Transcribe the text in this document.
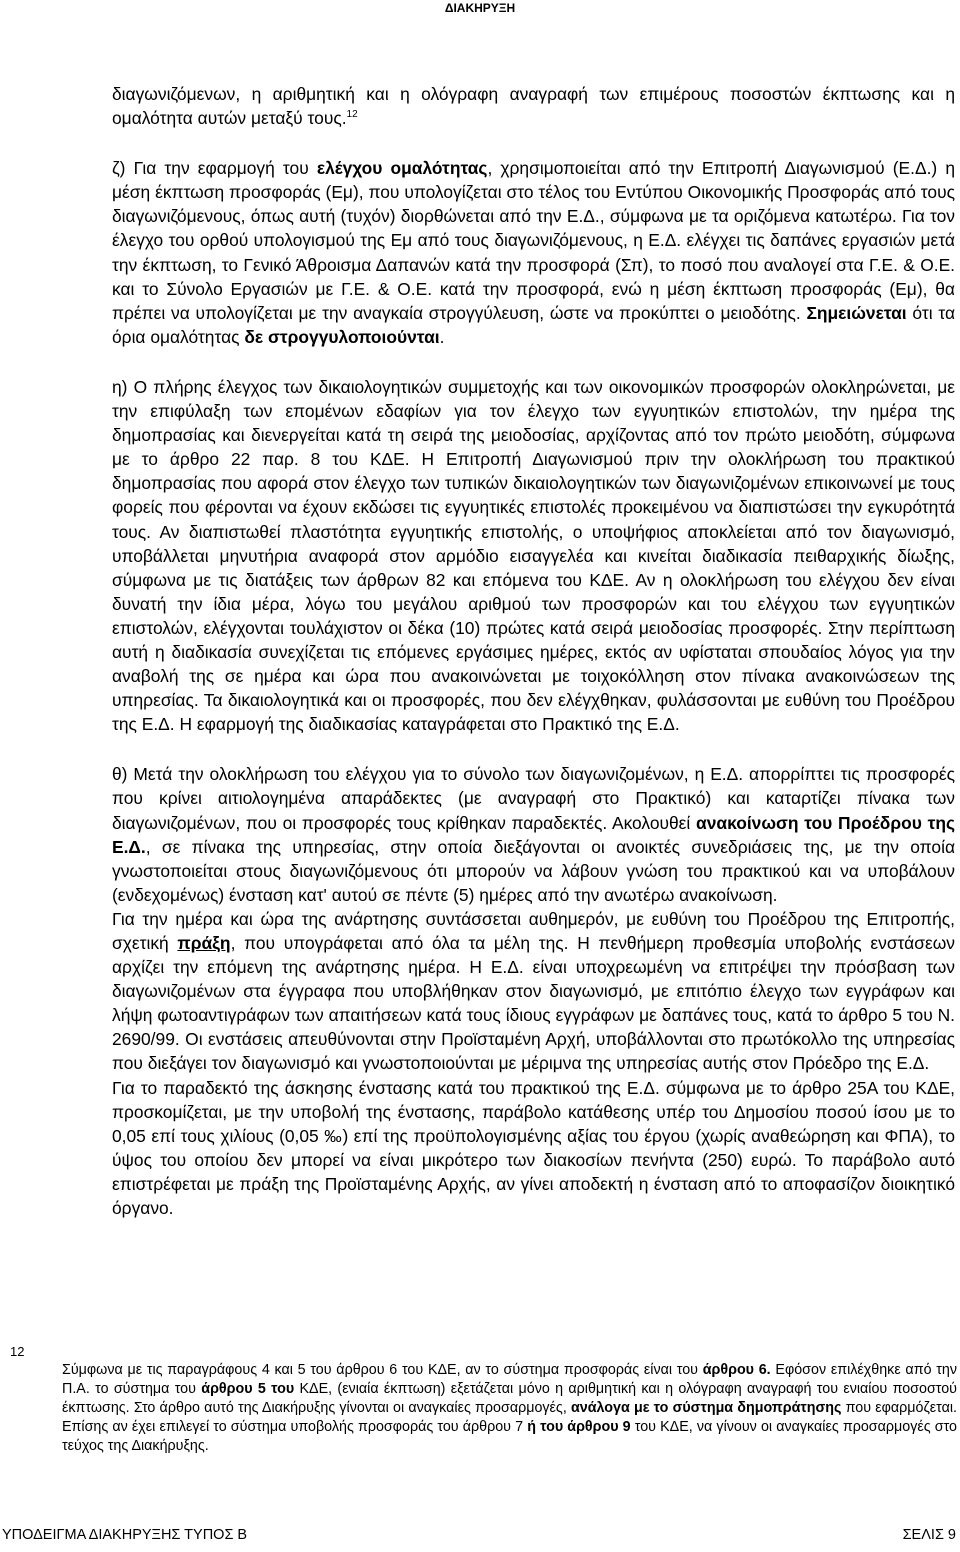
ΔΙΑΚΗΡΥΞΗ

διαγωνιζόμενων, η αριθμητική και η ολόγραφη αναγραφή των επιμέρους ποσοστών έκπτωσης και η ομαλότητα αυτών μεταξύ τους.$^{12}$

ζ) Για την εφαρμογή του ελέγχου ομαλότητας, χρησιμοποιείται από την Επιτροπή Διαγωνισμού (Ε.Δ.) η μέση έκπτωση προσφοράς (Εμ), που υπολογίζεται στο τέλος του Εντύπου Οικονομικής Προσφοράς από τους διαγωνιζόμενους, όπως αυτή (τυχόν) διορθώνεται από την Ε.Δ., σύμφωνα με τα οριζόμενα κατωτέρω. Για τον έλεγχο του ορθού υπολογισμού της Εμ από τους διαγωνιζόμενους, η Ε.Δ. ελέγχει τις δαπάνες εργασιών μετά την έκπτωση, το Γενικό Άθροισμα Δαπανών κατά την προσφορά (Σπ), το ποσό που αναλογεί στα Γ.Ε. & Ο.Ε. και το Σύνολο Εργασιών με Γ.Ε. & Ο.Ε. κατά την προσφορά, ενώ η μέση έκπτωση προσφοράς (Εμ), θα πρέπει να υπολογίζεται με την αναγκαία στρογγύλευση, ώστε να προκύπτει ο μειοδότης. Σημειώνεται ότι τα όρια ομαλότητας δε στρογγυλοποιούνται.

η) Ο πλήρης έλεγχος των δικαιολογητικών συμμετοχής και των οικονομικών προσφορών ολοκληρώνεται, με την επιφύλαξη των επομένων εδαφίων για τον έλεγχο των εγγυητικών επιστολών, την ημέρα της δημοπρασίας και διενεργείται κατά τη σειρά της μειοδοσίας, αρχίζοντας από τον πρώτο μειοδότη, σύμφωνα με το άρθρο 22 παρ. 8 του ΚΔΕ. Η Επιτροπή Διαγωνισμού πριν την ολοκλήρωση του πρακτικού δημοπρασίας που αφορά στον έλεγχο των τυπικών δικαιολογητικών των διαγωνιζομένων επικοινωνεί με τους φορείς που φέρονται να έχουν εκδώσει τις εγγυητικές επιστολές προκειμένου να διαπιστώσει την εγκυρότητά τους. Αν διαπιστωθεί πλαστότητα εγγυητικής επιστολής, ο υποψήφιος αποκλείεται από τον διαγωνισμό, υποβάλλεται μηνυτήρια αναφορά στον αρμόδιο εισαγγελέα και κινείται διαδικασία πειθαρχικής δίωξης, σύμφωνα με τις διατάξεις των άρθρων 82 και επόμενα του ΚΔΕ. Αν η ολοκλήρωση του ελέγχου δεν είναι δυνατή την ίδια μέρα, λόγω του μεγάλου αριθμού των προσφορών και του ελέγχου των εγγυητικών επιστολών, ελέγχονται τουλάχιστον οι δέκα (10) πρώτες κατά σειρά μειοδοσίας προσφορές. Στην περίπτωση αυτή η διαδικασία συνεχίζεται τις επόμενες εργάσιμες ημέρες, εκτός αν υφίσταται σπουδαίος λόγος για την αναβολή της σε ημέρα και ώρα που ανακοινώνεται με τοιχοκόλληση στον πίνακα ανακοινώσεων της υπηρεσίας. Τα δικαιολογητικά και οι προσφορές, που δεν ελέγχθηκαν, φυλάσσονται με ευθύνη του Προέδρου της Ε.Δ. Η εφαρμογή της διαδικασίας καταγράφεται στο Πρακτικό της Ε.Δ.

θ) Μετά την ολοκλήρωση του ελέγχου για το σύνολο των διαγωνιζομένων, η Ε.Δ. απορρίπτει τις προσφορές που κρίνει αιτιολογημένα απαράδεκτες (με αναγραφή στο Πρακτικό) και καταρτίζει πίνακα των διαγωνιζομένων, που οι προσφορές τους κρίθηκαν παραδεκτές. Ακολουθεί ανακοίνωση του Προέδρου της Ε.Δ., σε πίνακα της υπηρεσίας, στην οποία διεξάγονται οι ανοικτές συνεδριάσεις της, με την οποία γνωστοποιείται στους διαγωνιζόμενους ότι μπορούν να λάβουν γνώση του πρακτικού και να υποβάλουν (ενδεχομένως) ένσταση κατ' αυτού σε πέντε (5) ημέρες από την ανωτέρω ανακοίνωση.

Για την ημέρα και ώρα της ανάρτησης συντάσσεται αυθημερόν, με ευθύνη του Προέδρου της Επιτροπής, σχετική πράξη, που υπογράφεται από όλα τα μέλη της. Η πενθήμερη προθεσμία υποβολής ενστάσεων αρχίζει την επόμενη της ανάρτησης ημέρα. Η Ε.Δ. είναι υποχρεωμένη να επιτρέψει την πρόσβαση των διαγωνιζομένων στα έγγραφα που υποβλήθηκαν στον διαγωνισμό, με επιτόπιο έλεγχο των εγγράφων και λήψη φωτοαντιγράφων των απαιτήσεων κατά τους ίδιους εγγράφων με δαπάνες τους, κατά το άρθρο 5 του Ν. 2690/99. Οι ενστάσεις απευθύνονται στην Προϊσταμένη Αρχή, υποβάλλονται στο πρωτόκολλο της υπηρεσίας που διεξάγει τον διαγωνισμό και γνωστοποιούνται με μέριμνα της υπηρεσίας αυτής στον Πρόεδρο της Ε.Δ.

Για το παραδεκτό της άσκησης ένστασης κατά του πρακτικού της Ε.Δ. σύμφωνα με το άρθρο 25Α του ΚΔΕ, προσκομίζεται, με την υποβολή της ένστασης, παράβολο κατάθεσης υπέρ του Δημοσίου ποσού ίσου με το 0,05 επί τους χιλίους (0,05 ‰) επί της προϋπολογισμένης αξίας του έργου (χωρίς αναθεώρηση και ΦΠΑ), το ύψος του οποίου δεν μπορεί να είναι μικρότερο των διακοσίων πενήντα (250) ευρώ. Το παράβολο αυτό επιστρέφεται με πράξη της Προϊσταμένης Αρχής, αν γίνει αποδεκτή η ένσταση από το αποφασίζον διοικητικό όργανο.

12
Σύμφωνα με τις παραγράφους 4 και 5 του άρθρου 6 του ΚΔΕ, αν το σύστημα προσφοράς είναι του άρθρου 6. Εφόσον επιλέχθηκε από την Π.Α. το σύστημα του άρθρου 5 του ΚΔΕ, (ενιαία έκπτωση) εξετάζεται μόνο η αριθμητική και η ολόγραφη αναγραφή του ενιαίου ποσοστού έκπτωσης. Στο άρθρο αυτό της Διακήρυξης γίνονται οι αναγκαίες προσαρμογές, ανάλογα με το σύστημα δημοπράτησης που εφαρμόζεται. Επίσης αν έχει επιλεγεί το σύστημα υποβολής προσφοράς του άρθρου 7 ή του άρθρου 9 του ΚΔΕ, να γίνουν οι αναγκαίες προσαρμογές στο τεύχος της Διακήρυξης.
ΥΠΟΔΕΙΓΜΑ ΔΙΑΚΗΡΥΞΗΣ ΤΥΠΟΣ Β	ΣΕΛΙΣ 9
